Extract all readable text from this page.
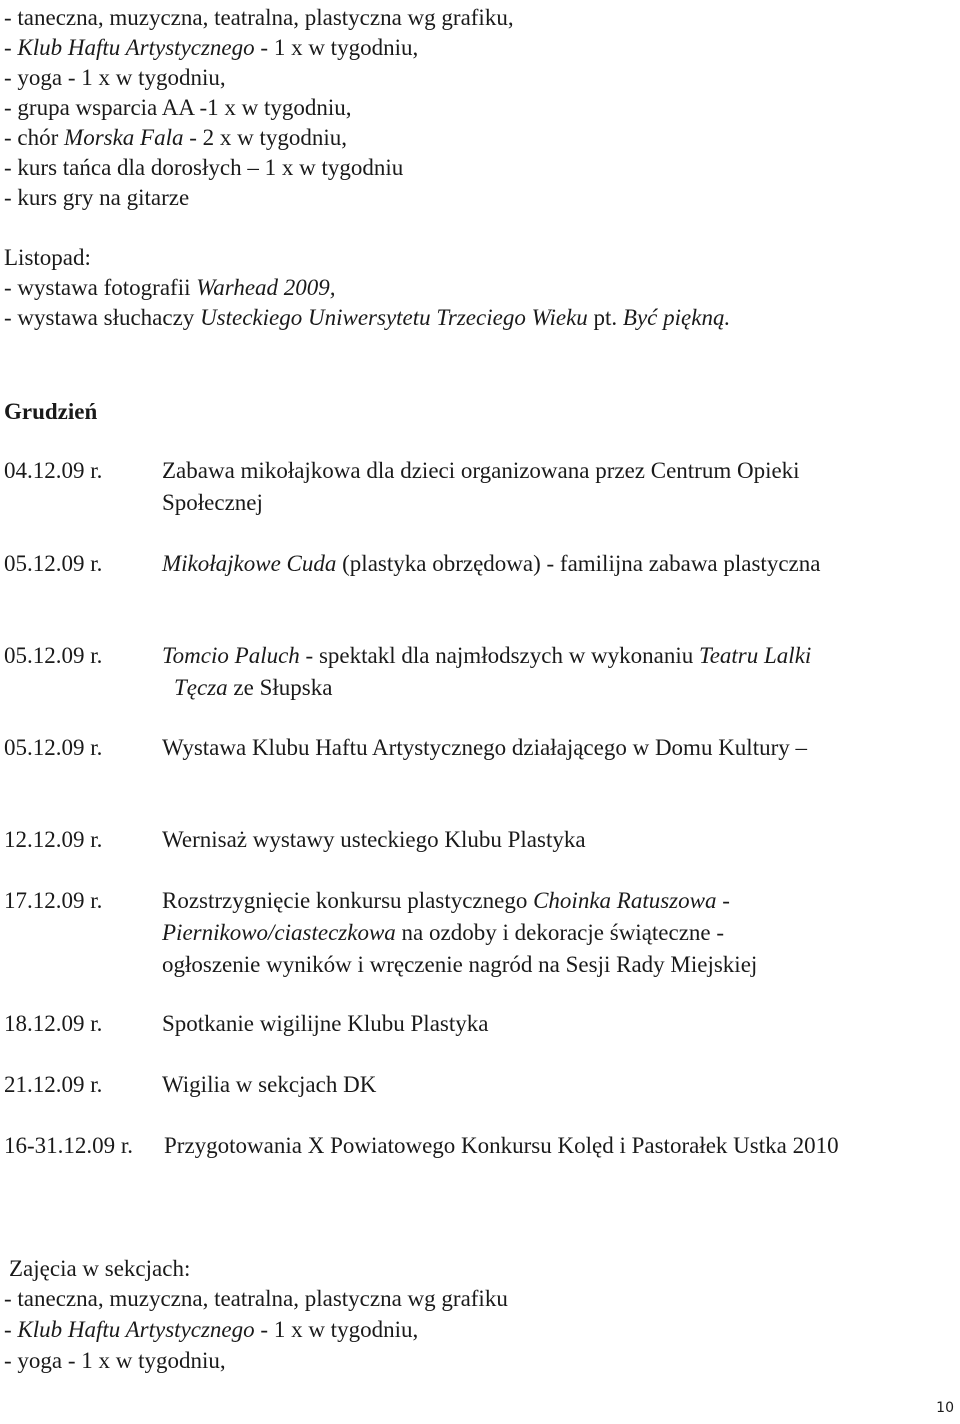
- taneczna, muzyczna, teatralna, plastyczna wg grafiku,
- Klub Haftu Artystycznego - 1 x w tygodniu,
- yoga - 1 x w tygodniu,
- grupa wsparcia AA -1 x w tygodniu,
- chór Morska Fala - 2 x w tygodniu,
- kurs tańca dla dorosłych – 1 x w tygodniu
- kurs gry na gitarze
Listopad:
- wystawa fotografii Warhead 2009,
- wystawa słuchaczy Usteckiego Uniwersytetu Trzeciego Wieku pt. Być piękną.
Grudzień
04.12.09 r.	Zabawa mikołajkowa dla dzieci organizowana przez Centrum Opieki
Społecznej
05.12.09 r.	Mikołajkowe Cuda (plastyka obrzędowa) - familijna zabawa plastyczna
05.12.09 r.	Tomcio Paluch - spektakl dla najmłodszych w wykonaniu Teatru Lalki
Tęcza ze Słupska
05.12.09 r.	Wystawa Klubu Haftu Artystycznego działającego w Domu Kultury –
12.12.09 r.	Wernisaż wystawy usteckiego Klubu Plastyka
17.12.09 r.	Rozstrzygnięcie konkursu plastycznego Choinka Ratuszowa -
Piernikowo/ciasteczkowa na ozdoby i dekoracje świąteczne -
ogłoszenie wyników i wręczenie nagród na Sesji Rady Miejskiej
18.12.09 r.	Spotkanie wigilijne Klubu Plastyka
21.12.09 r.	Wigilia w sekcjach DK
16-31.12.09 r. Przygotowania X Powiatowego Konkursu Kolęd i Pastorałek Ustka 2010
Zajęcia w sekcjach:
- taneczna, muzyczna, teatralna, plastyczna wg grafiku
- Klub Haftu Artystycznego - 1 x w tygodniu,
- yoga - 1 x w tygodniu,
10
